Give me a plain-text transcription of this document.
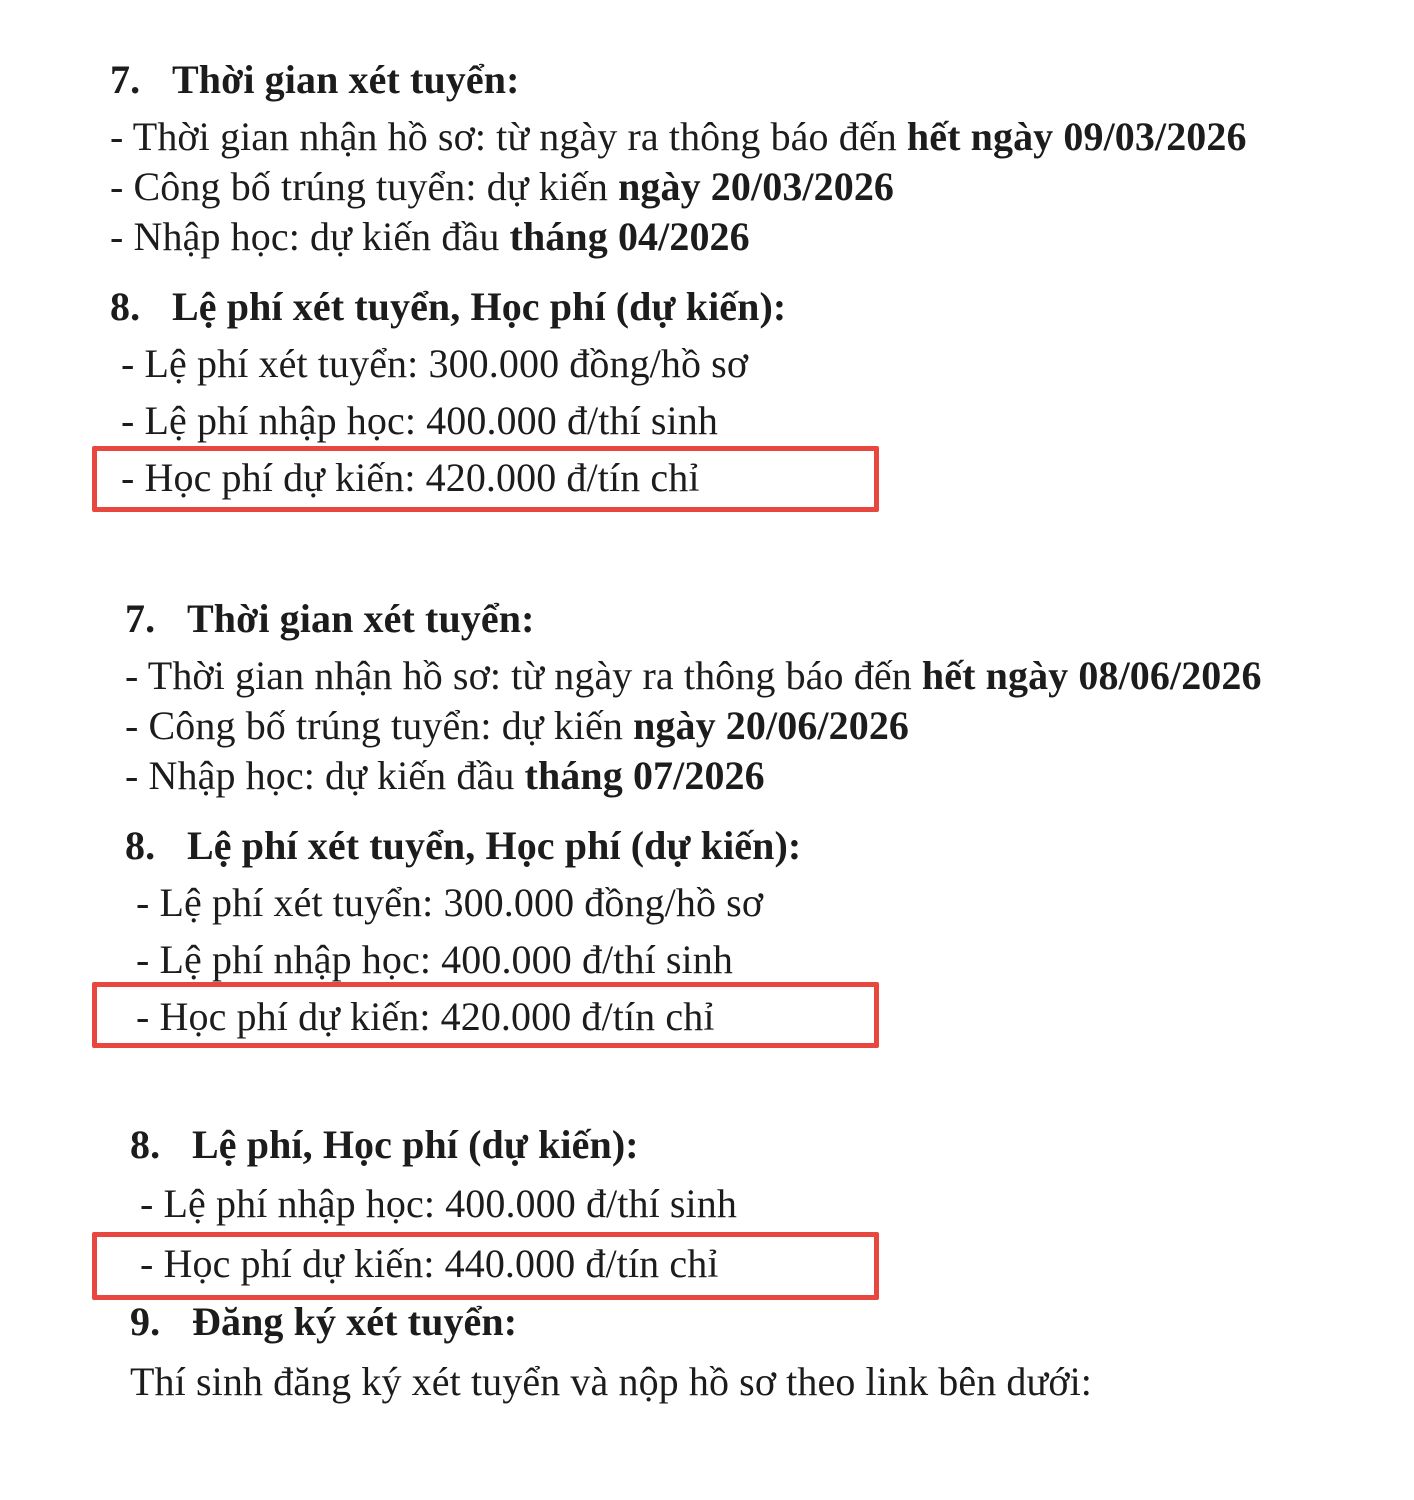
7. Thời gian xét tuyển:
- Thời gian nhận hồ sơ: từ ngày ra thông báo đến hết ngày 09/03/2026
- Công bố trúng tuyển: dự kiến ngày 20/03/2026
- Nhập học: dự kiến đầu tháng 04/2026
8. Lệ phí xét tuyển, Học phí (dự kiến):
- Lệ phí xét tuyển: 300.000 đồng/hồ sơ
- Lệ phí nhập học: 400.000 đ/thí sinh
- Học phí dự kiến: 420.000 đ/tín chỉ
7. Thời gian xét tuyển:
- Thời gian nhận hồ sơ: từ ngày ra thông báo đến hết ngày 08/06/2026
- Công bố trúng tuyển: dự kiến ngày 20/06/2026
- Nhập học: dự kiến đầu tháng 07/2026
8. Lệ phí xét tuyển, Học phí (dự kiến):
- Lệ phí xét tuyển: 300.000 đồng/hồ sơ
- Lệ phí nhập học: 400.000 đ/thí sinh
- Học phí dự kiến: 420.000 đ/tín chỉ
8. Lệ phí, Học phí (dự kiến):
- Lệ phí nhập học: 400.000 đ/thí sinh
- Học phí dự kiến: 440.000 đ/tín chỉ
9. Đăng ký xét tuyển:
Thí sinh đăng ký xét tuyển và nộp hồ sơ theo link bên dưới:
